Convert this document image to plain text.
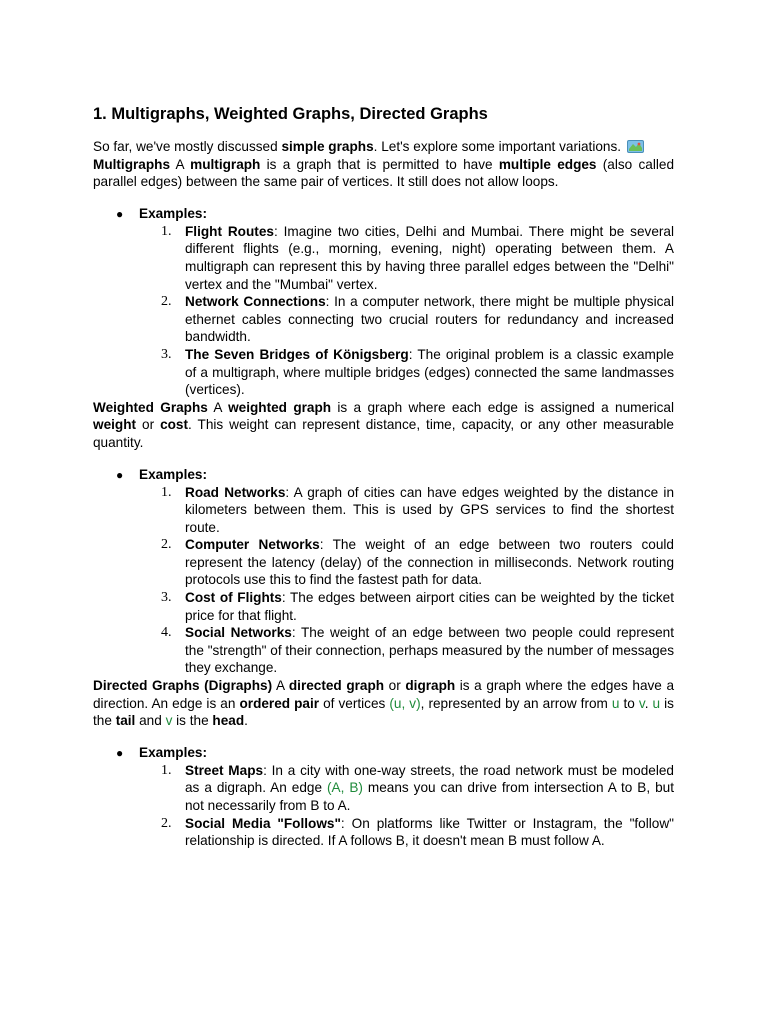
1. Multigraphs, Weighted Graphs, Directed Graphs

So far, we've mostly discussed simple graphs. Let's explore some important variations.

Multigraphs A multigraph is a graph that is permitted to have multiple edges (also called parallel edges) between the same pair of vertices. It still does not allow loops.

● Examples:
1. Flight Routes: Imagine two cities, Delhi and Mumbai. There might be several different flights (e.g., morning, evening, night) operating between them. A multigraph can represent this by having three parallel edges between the "Delhi" vertex and the "Mumbai" vertex.
2. Network Connections: In a computer network, there might be multiple physical ethernet cables connecting two crucial routers for redundancy and increased bandwidth.
3. The Seven Bridges of Königsberg: The original problem is a classic example of a multigraph, where multiple bridges (edges) connected the same landmasses (vertices).

Weighted Graphs A weighted graph is a graph where each edge is assigned a numerical weight or cost. This weight can represent distance, time, capacity, or any other measurable quantity.

● Examples:
1. Road Networks: A graph of cities can have edges weighted by the distance in kilometers between them. This is used by GPS services to find the shortest route.
2. Computer Networks: The weight of an edge between two routers could represent the latency (delay) of the connection in milliseconds. Network routing protocols use this to find the fastest path for data.
3. Cost of Flights: The edges between airport cities can be weighted by the ticket price for that flight.
4. Social Networks: The weight of an edge between two people could represent the "strength" of their connection, perhaps measured by the number of messages they exchange.

Directed Graphs (Digraphs) A directed graph or digraph is a graph where the edges have a direction. An edge is an ordered pair of vertices (u, v), represented by an arrow from u to v. u is the tail and v is the head.

● Examples:
1. Street Maps: In a city with one-way streets, the road network must be modeled as a digraph. An edge (A, B) means you can drive from intersection A to B, but not necessarily from B to A.
2. Social Media "Follows": On platforms like Twitter or Instagram, the "follow" relationship is directed. If A follows B, it doesn't mean B must follow A.
